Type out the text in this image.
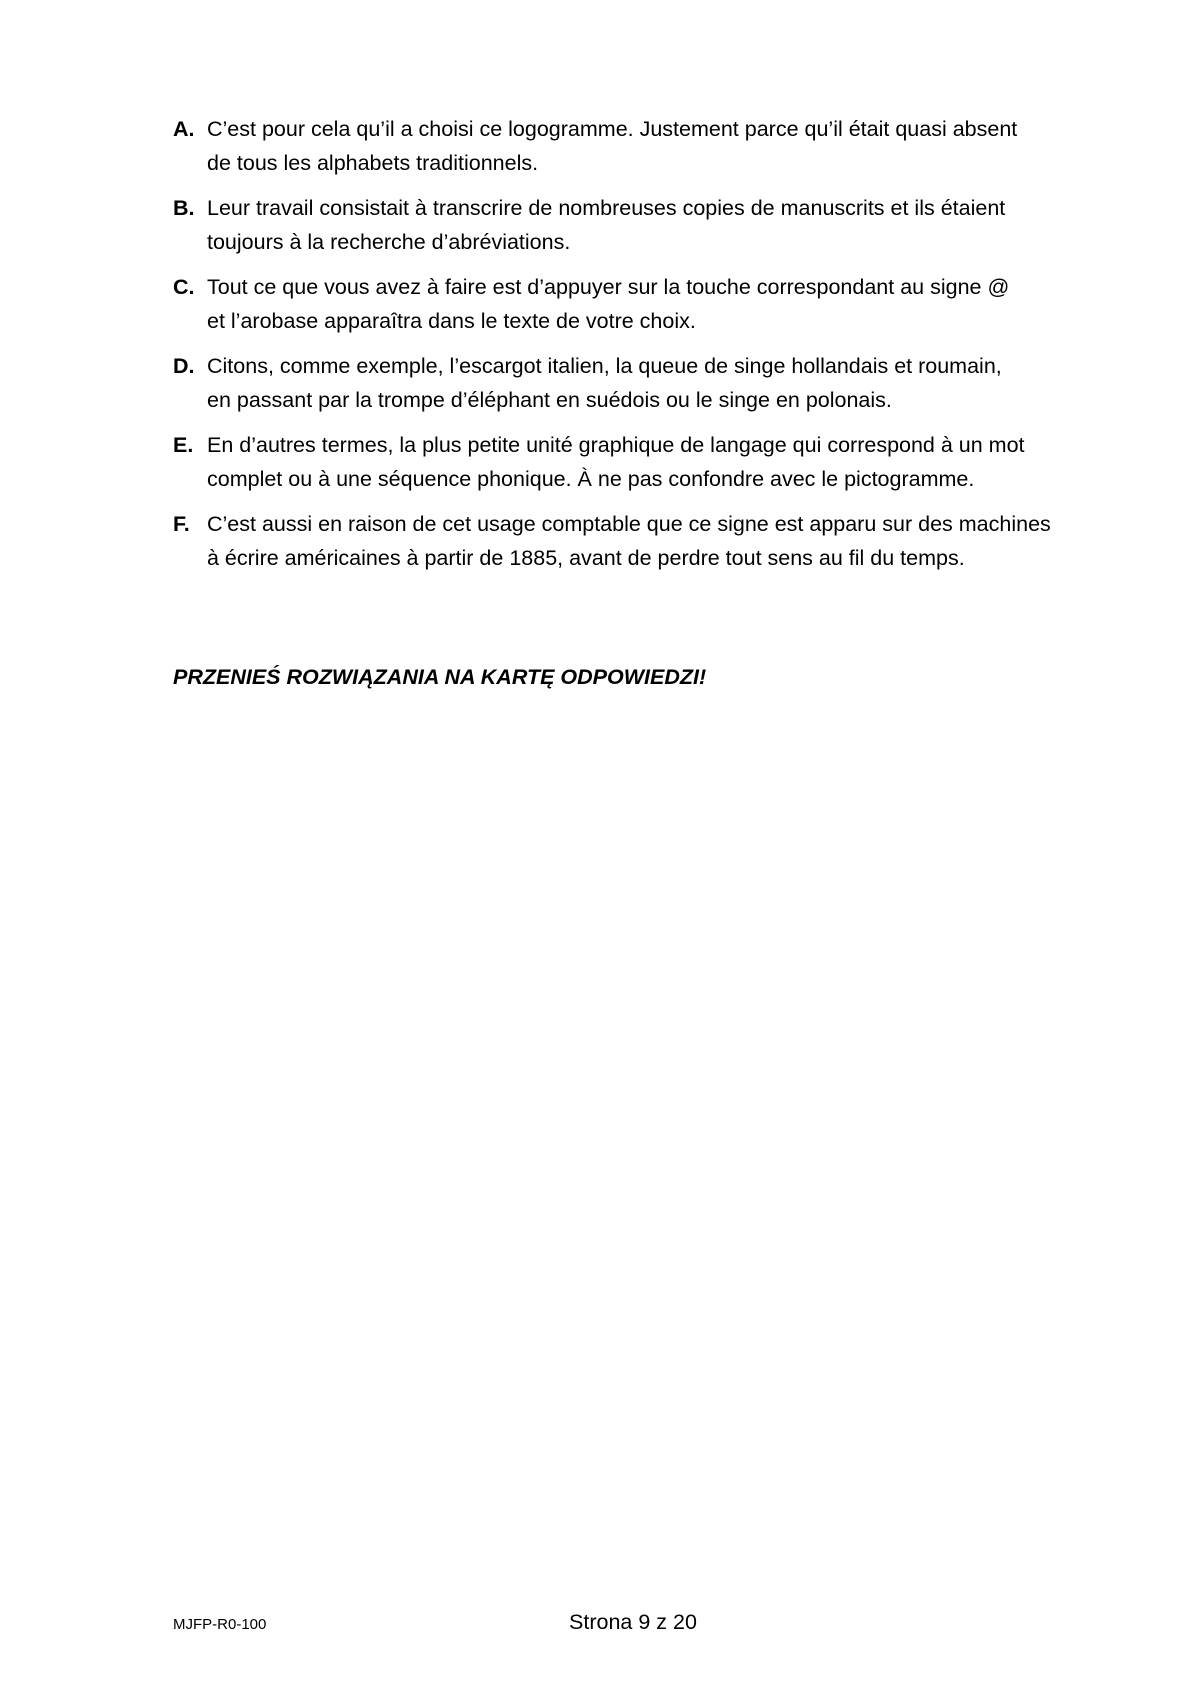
A. C’est pour cela qu’il a choisi ce logogramme. Justement parce qu’il était quasi absent
de tous les alphabets traditionnels.
B. Leur travail consistait à transcrire de nombreuses copies de manuscrits et ils étaient
toujours à la recherche d’abréviations.
C. Tout ce que vous avez à faire est d’appuyer sur la touche correspondant au signe @
et l’arobase apparaîtra dans le texte de votre choix.
D. Citons, comme exemple, l’escargot italien, la queue de singe hollandais et roumain,
en passant par la trompe d’éléphant en suédois ou le singe en polonais.
E. En d’autres termes, la plus petite unité graphique de langage qui correspond à un mot
complet ou à une séquence phonique. À ne pas confondre avec le pictogramme.
F. C’est aussi en raison de cet usage comptable que ce signe est apparu sur des machines
à écrire américaines à partir de 1885, avant de perdre tout sens au fil du temps.
PRZENIEŚ ROZWIĄZANIA NA KARTĘ ODPOWIEDZI!
MJFP-R0-100	Strona 9 z 20
